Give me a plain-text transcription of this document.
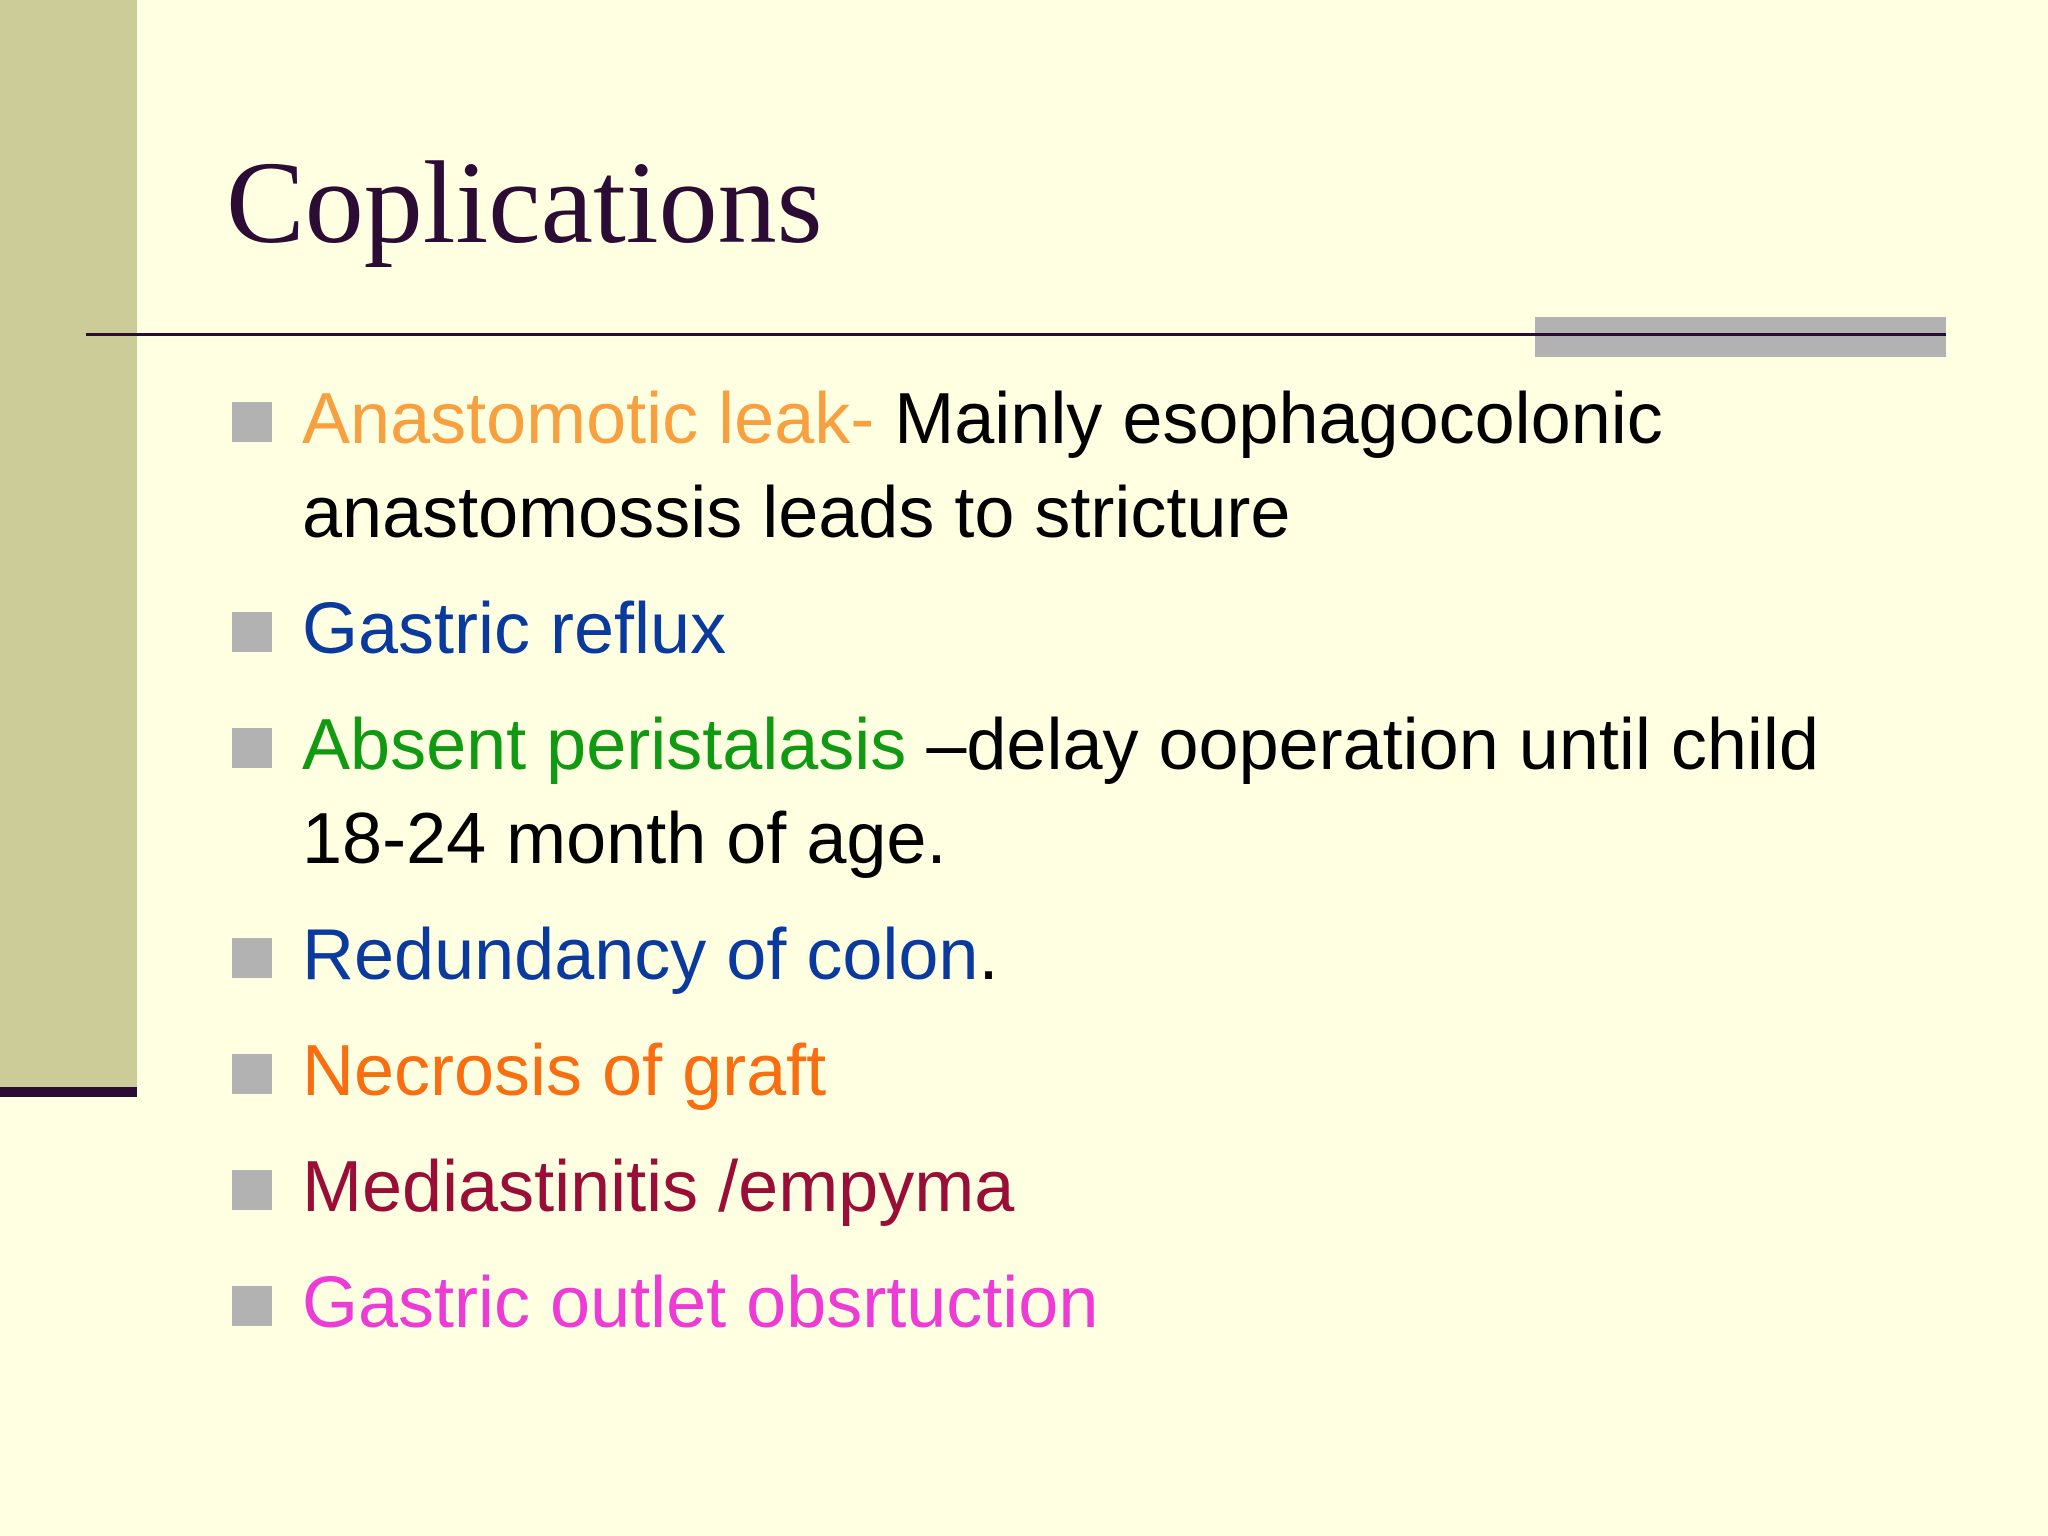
Coplications
Anastomotic leak- Mainly esophagocolonic anastomossis leads to stricture
Gastric reflux
Absent peristalasis –delay ooperation until child 18-24 month of age.
Redundancy of colon.
Necrosis of graft
Mediastinitis /empyma
Gastric outlet obsrtuction
